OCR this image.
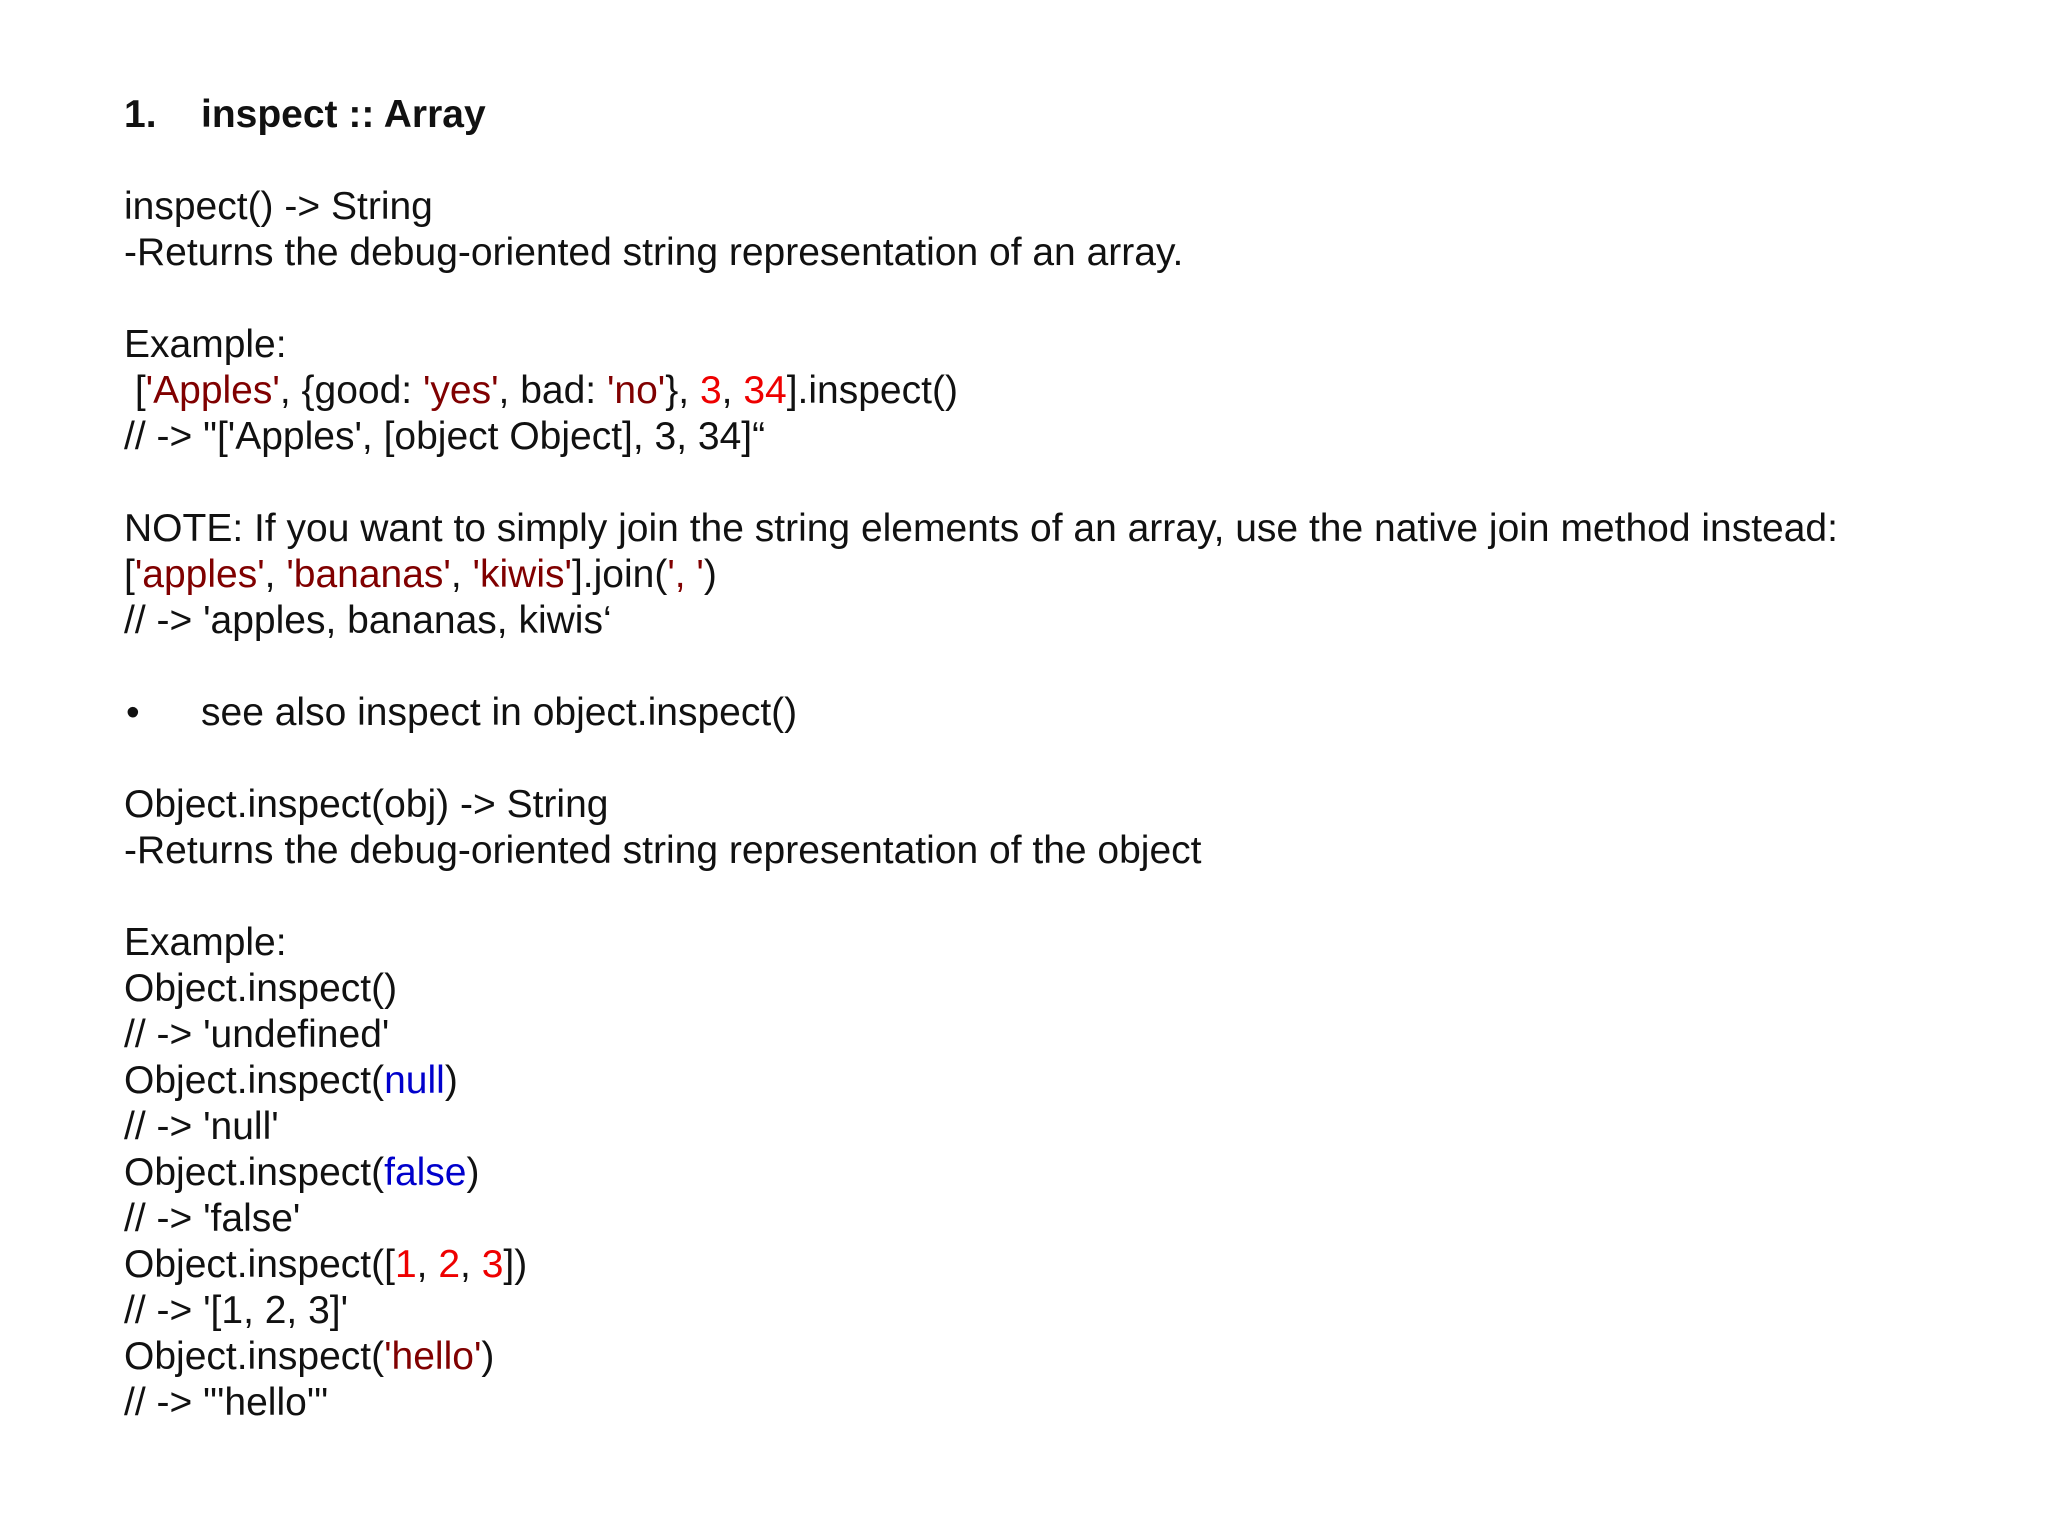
1.	inspect :: Array
inspect() -> String
-Returns the debug-oriented string representation of an array.
Example:
['Apples', {good: 'yes', bad: 'no'}, 3, 34].inspect()
// -> "['Apples', [object Object], 3, 34]“
NOTE: If you want to simply join the string elements of an array, use the native join method instead:
['apples', 'bananas', 'kiwis'].join(', ')
// -> 'apples, bananas, kiwis‘
•	see also inspect in object.inspect()
Object.inspect(obj) -> String
-Returns the debug-oriented string representation of the object
Example:
Object.inspect()
// -> 'undefined'
Object.inspect(null)
// -> 'null'
Object.inspect(false)
// -> 'false'
Object.inspect([1, 2, 3])
// -> '[1, 2, 3]'
Object.inspect('hello')
// -> "'hello'"
